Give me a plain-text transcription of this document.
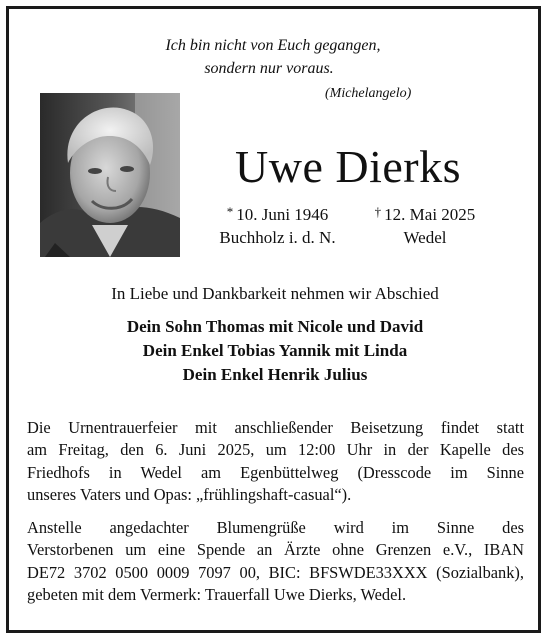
Ich bin nicht von Euch gegangen,
sondern nur voraus.
(Michelangelo)
Uwe Dierks
* 10. Juni 1946
Buchholz i. d. N.
† 12. Mai 2025
Wedel
In Liebe und Dankbarkeit nehmen wir Abschied
Dein Sohn Thomas mit Nicole und David
Dein Enkel Tobias Yannik mit Linda
Dein Enkel Henrik Julius
Die Urnentrauerfeier mit anschließender Beisetzung findet statt
am Freitag, den 6. Juni 2025, um 12:00 Uhr in der Kapelle des
Friedhofs in Wedel am Egenbüttelweg (Dresscode im Sinne
unseres Vaters und Opas: „frühlingshaft-casual“).
Anstelle angedachter Blumengrüße wird im Sinne des
Verstorbenen um eine Spende an Ärzte ohne Grenzen e.V., IBAN
DE72 3702 0500 0009 7097 00, BIC: BFSWDE33XXX (Sozialbank),
gebeten mit dem Vermerk: Trauerfall Uwe Dierks, Wedel.
